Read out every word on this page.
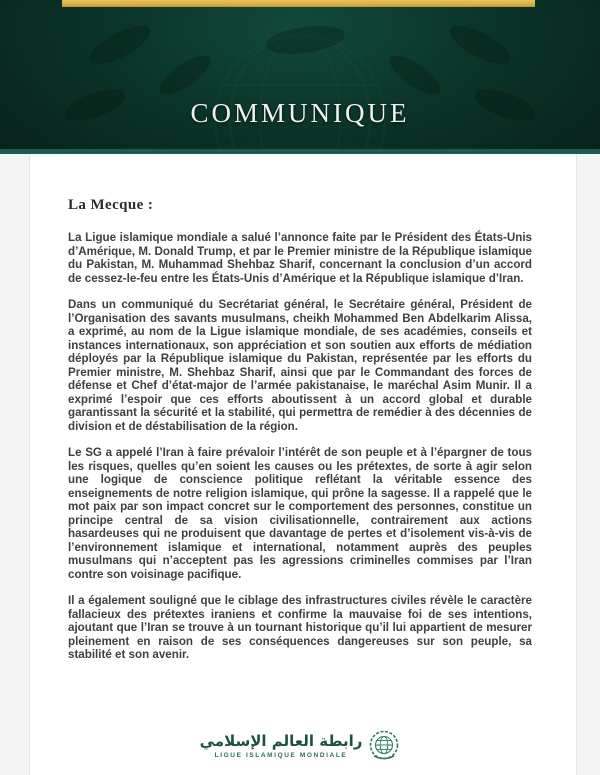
COMMUNIQUE

La Mecque :

La Ligue islamique mondiale a salué l’annonce faite par le Président des États-Unis d’Amérique, M. Donald Trump, et par le Premier ministre de la République islamique du Pakistan, M. Muhammad Shehbaz Sharif, concernant la conclusion d’un accord de cessez-le-feu entre les États-Unis d’Amérique et la République islamique d’Iran.

Dans un communiqué du Secrétariat général, le Secrétaire général, Président de l’Organisation des savants musulmans, cheikh Mohammed Ben Abdelkarim Alissa, a exprimé, au nom de la Ligue islamique mondiale, de ses académies, conseils et instances internationaux, son appréciation et son soutien aux efforts de médiation déployés par la République islamique du Pakistan, représentée par les efforts du Premier ministre, M. Shehbaz Sharif, ainsi que par le Commandant des forces de défense et Chef d’état-major de l’armée pakistanaise, le maréchal Asim Munir. Il a exprimé l’espoir que ces efforts aboutissent à un accord global et durable garantissant la sécurité et la stabilité, qui permettra de remédier à des décennies de division et de déstabilisation de la région.

Le SG a appelé l’Iran à faire prévaloir l’intérêt de son peuple et à l’épargner de tous les risques, quelles qu’en soient les causes ou les prétextes, de sorte à agir selon une logique de conscience politique reflétant la véritable essence des enseignements de notre religion islamique, qui prône la sagesse. Il a rappelé que le mot paix par son impact concret sur le comportement des personnes, constitue un principe central de sa vision civilisationnelle, contrairement aux actions hasardeuses qui ne produisent que davantage de pertes et d’isolement vis-à-vis de l’environnement islamique et international, notamment auprès des peuples musulmans qui n’acceptent pas les agressions criminelles commises par l’Iran contre son voisinage pacifique.

Il a également souligné que le ciblage des infrastructures civiles révèle le caractère fallacieux des prétextes iraniens et confirme la mauvaise foi de ses intentions, ajoutant que l’Iran se trouve à un tournant historique qu’il lui appartient de mesurer pleinement en raison de ses conséquences dangereuses sur son peuple, sa stabilité et son avenir.

رابطة العالم الإسلامي
LIGUE ISLAMIQUE MONDIALE
